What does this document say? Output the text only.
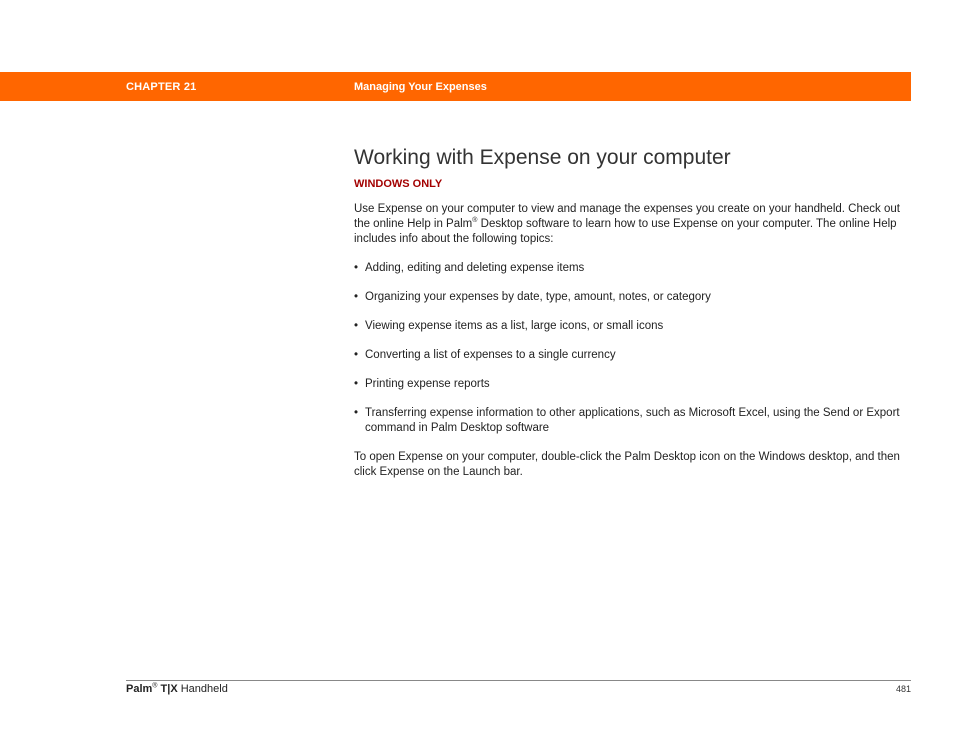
CHAPTER 21	Managing Your Expenses
Working with Expense on your computer
WINDOWS ONLY

Use Expense on your computer to view and manage the expenses you create on your handheld. Check out the online Help in Palm® Desktop software to learn how to use Expense on your computer. The online Help includes info about the following topics:

• Adding, editing and deleting expense items
• Organizing your expenses by date, type, amount, notes, or category
• Viewing expense items as a list, large icons, or small icons
• Converting a list of expenses to a single currency
• Printing expense reports
• Transferring expense information to other applications, such as Microsoft Excel, using the Send or Export command in Palm Desktop software

To open Expense on your computer, double-click the Palm Desktop icon on the Windows desktop, and then click Expense on the Launch bar.

Palm® T|X Handheld	481
